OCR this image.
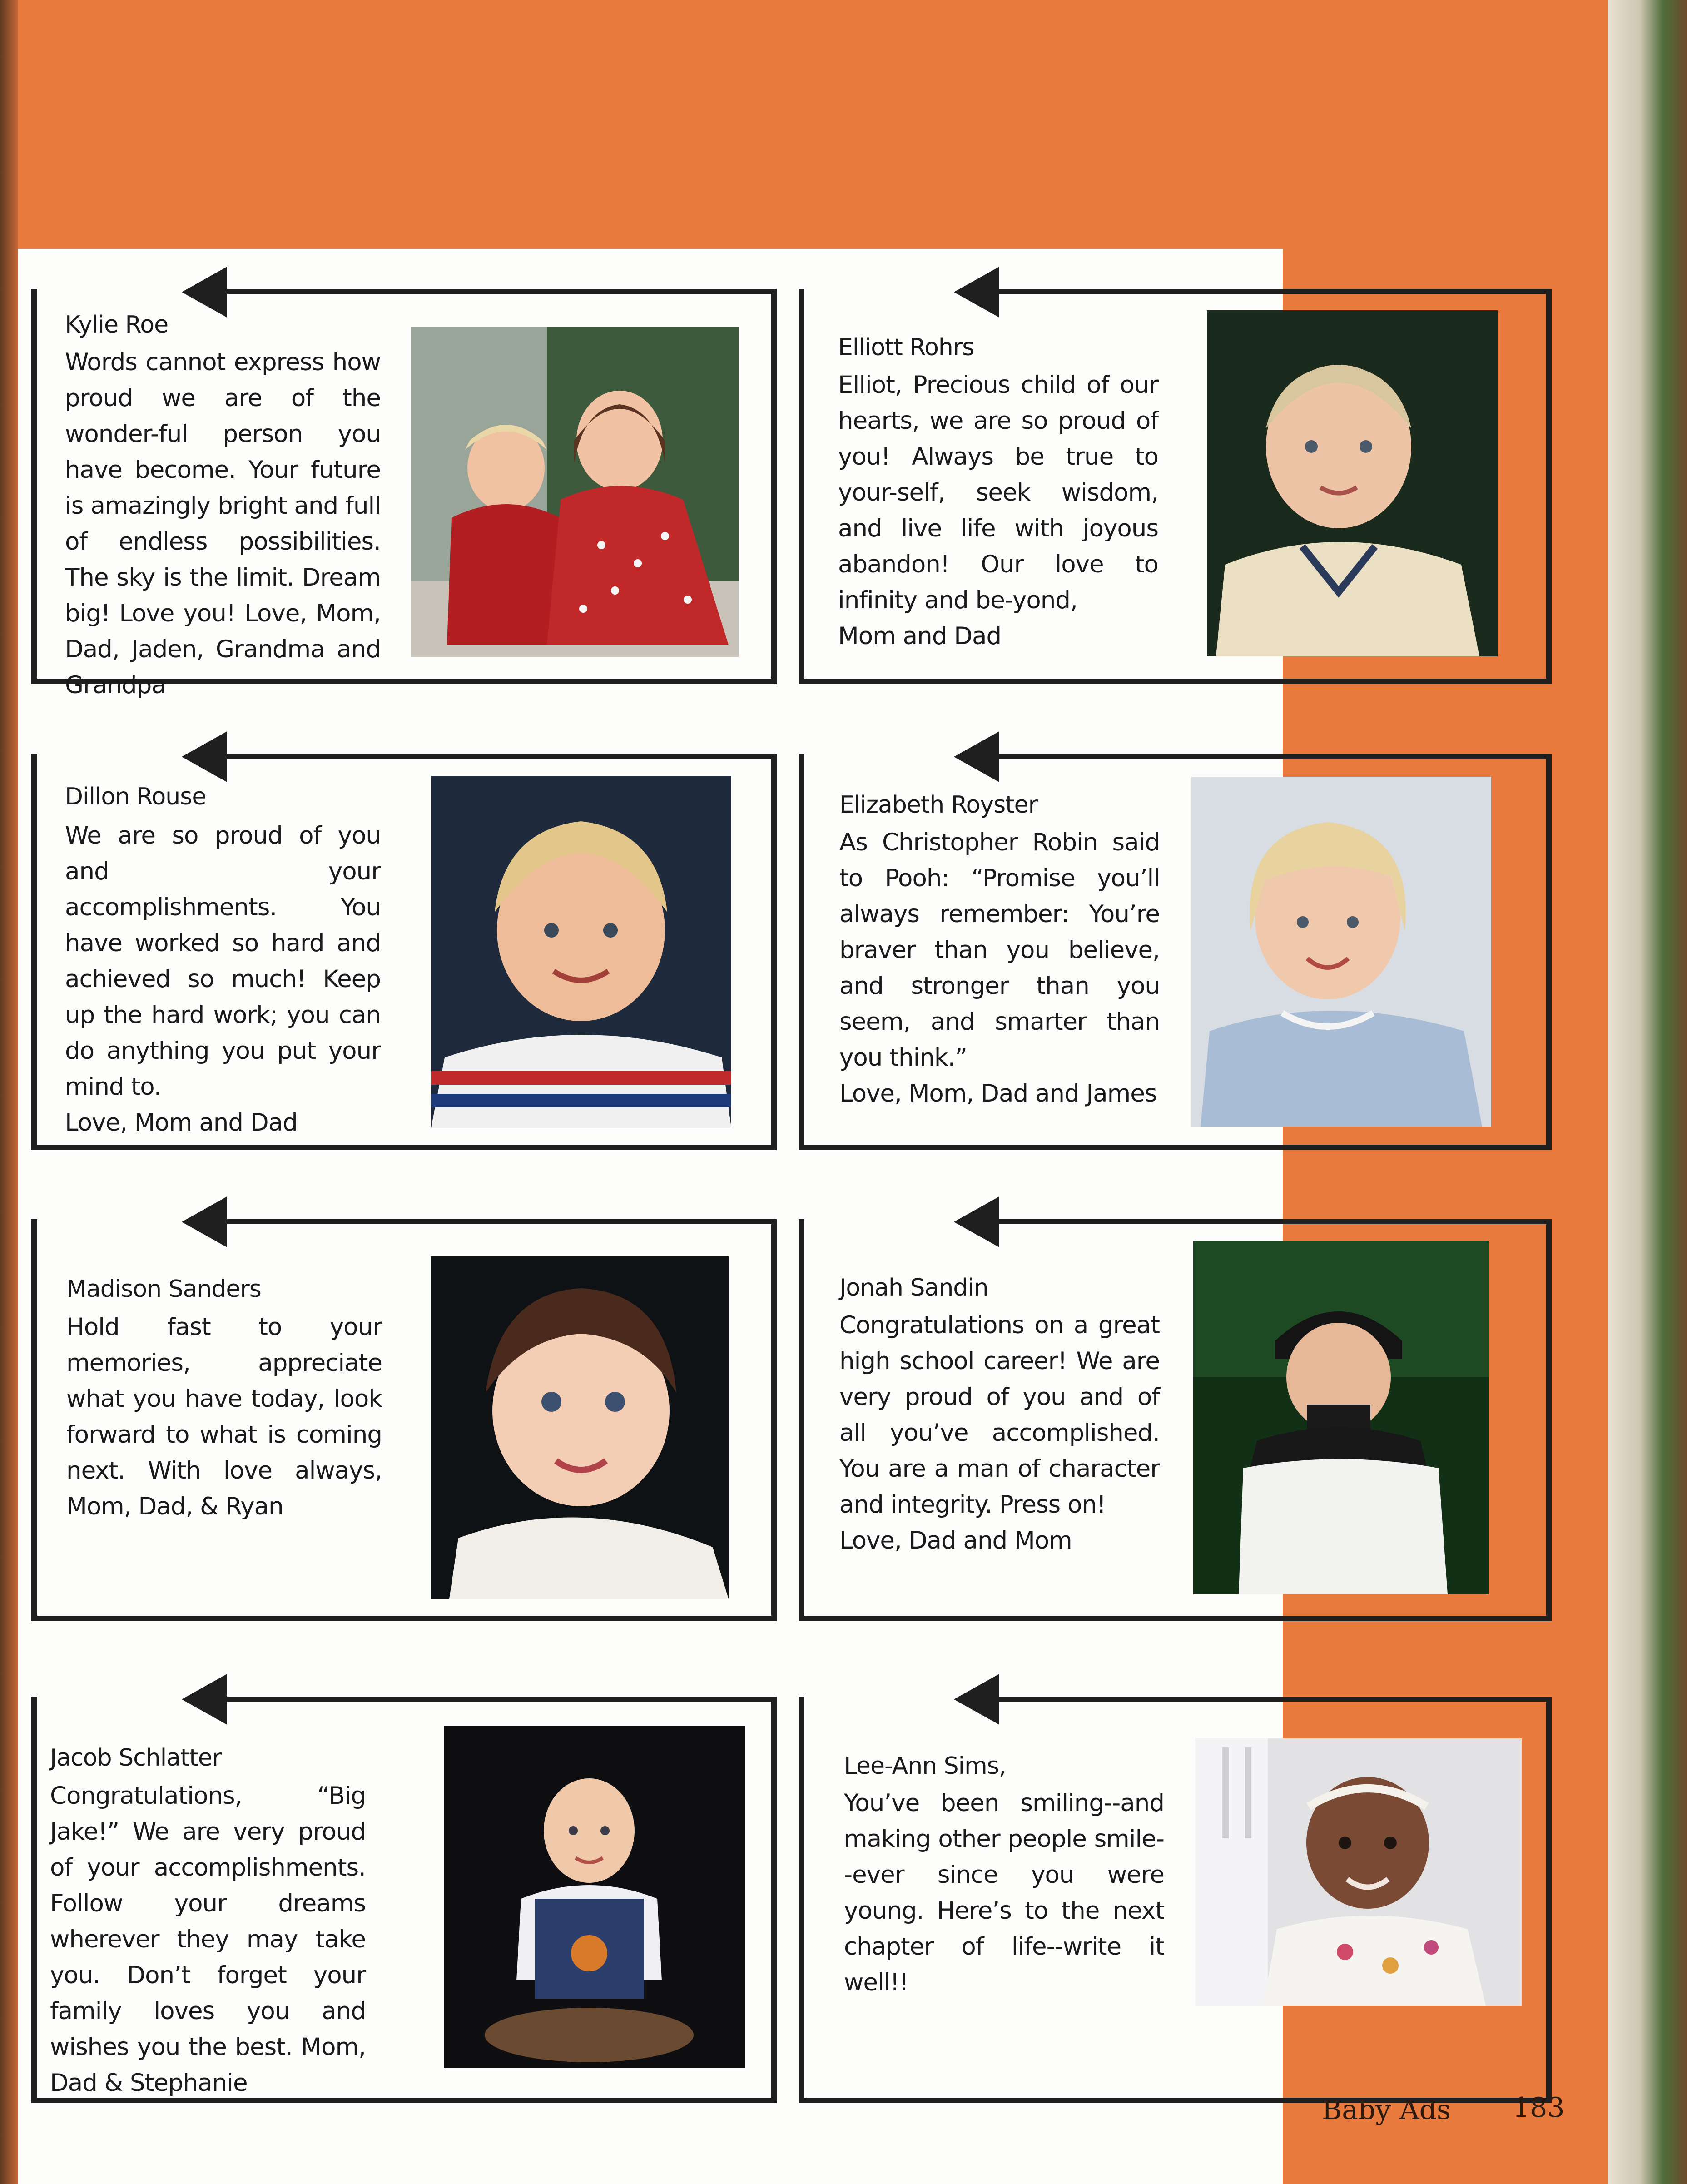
Kylie Roe
Words cannot express how proud we are of the wonder-ful person you have become. Your future is amazingly bright and full of endless possibilities. The sky is the limit. Dream big! Love you! Love, Mom, Dad, Jaden, Grandma and Grandpa
Elliott Rohrs
Elliot, Precious child of our hearts, we are so proud of you! Always be true to your-self, seek wisdom, and live life with joyous abandon! Our love to infinity and be-yond,
Mom and Dad
Dillon Rouse
We are so proud of you and your accomplishments. You have worked so hard and achieved so much! Keep up the hard work; you can do anything you put your mind to.
Love, Mom and Dad
Elizabeth Royster
As Christopher Robin said to Pooh: “Promise you’ll always remember: You’re braver than you believe, and stronger than you seem, and smarter than you think.”
Love, Mom, Dad and James
Madison Sanders
Hold fast to your memories, appreciate what you have today, look forward to what is coming next. With love always, Mom, Dad, & Ryan
Jonah Sandin
Congratulations on a great high school career! We are very proud of you and of all you’ve accomplished. You are a man of character and integrity. Press on!
Love, Dad and Mom
Jacob Schlatter
Congratulations, “Big Jake!” We are very proud of your accomplishments. Follow your dreams wherever they may take you. Don’t forget your family loves you and wishes you the best. Mom, Dad & Stephanie
Lee-Ann Sims,
You’ve been smiling--and making other people smile--ever since you were young. Here’s to the next chapter of life--write it well!!
Baby Ads 183
